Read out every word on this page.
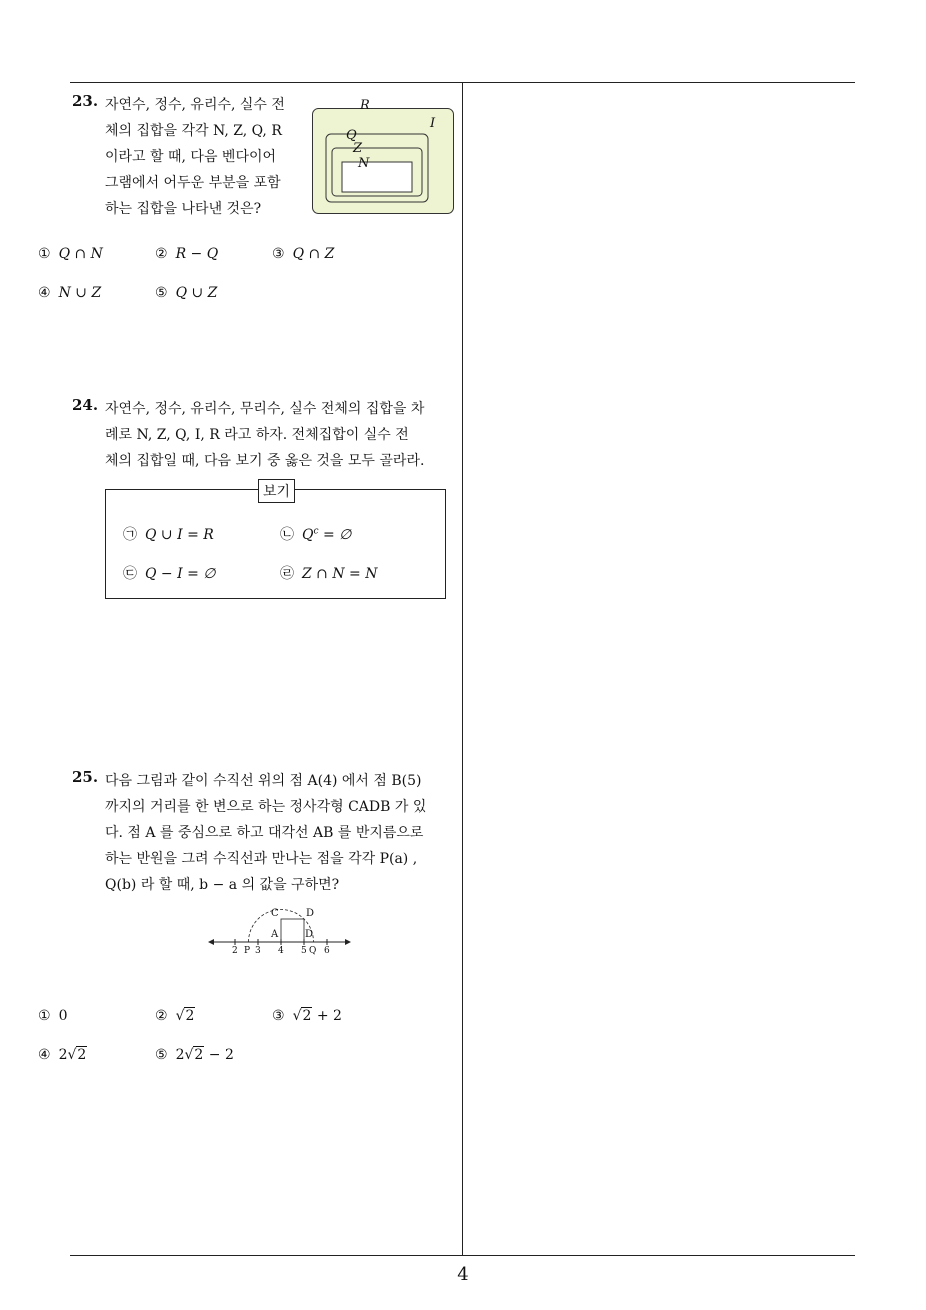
4
23. 자연수, 정수, 유리수, 실수 전
체의 집합을 각각 N, Z, Q, R
이라고 할 때, 다음 벤다이어
그램에서 어두운 부분을 포함
하는 집합을 나타낸 것은?
R
I
Q
Z
N
① Q ∩ N	② R − Q	③ Q ∩ Z
④ N ∪ Z	⑤ Q ∪ Z
24. 자연수, 정수, 유리수, 무리수, 실수 전체의 집합을 차
례로 N, Z, Q, I, R 라고 하자. 전체집합이 실수 전
체의 집합일 때, 다음 보기 중 옳은 것을 모두 골라라.
보기
㉠ Q ∪ I = R	㉡ $Q^c$ = ∅
㉢ Q − I = ∅	㉣ Z ∩ N = N
25. 다음 그림과 같이 수직선 위의 점 A(4) 에서 점 B(5)
까지의 거리를 한 변으로 하는 정사각형 CADB 가 있
다. 점 A 를 중심으로 하고 대각선 AB 를 반지름으로
하는 반원을 그려 수직선과 만나는 점을 각각 P(a) ,
Q(b) 라 할 때, b − a 의 값을 구하면?
C	D
A	D
2 P 3 4 5 Q 6
① 0	② √2	③ √2 + 2
④ 2√2	⑤ 2√2 − 2
